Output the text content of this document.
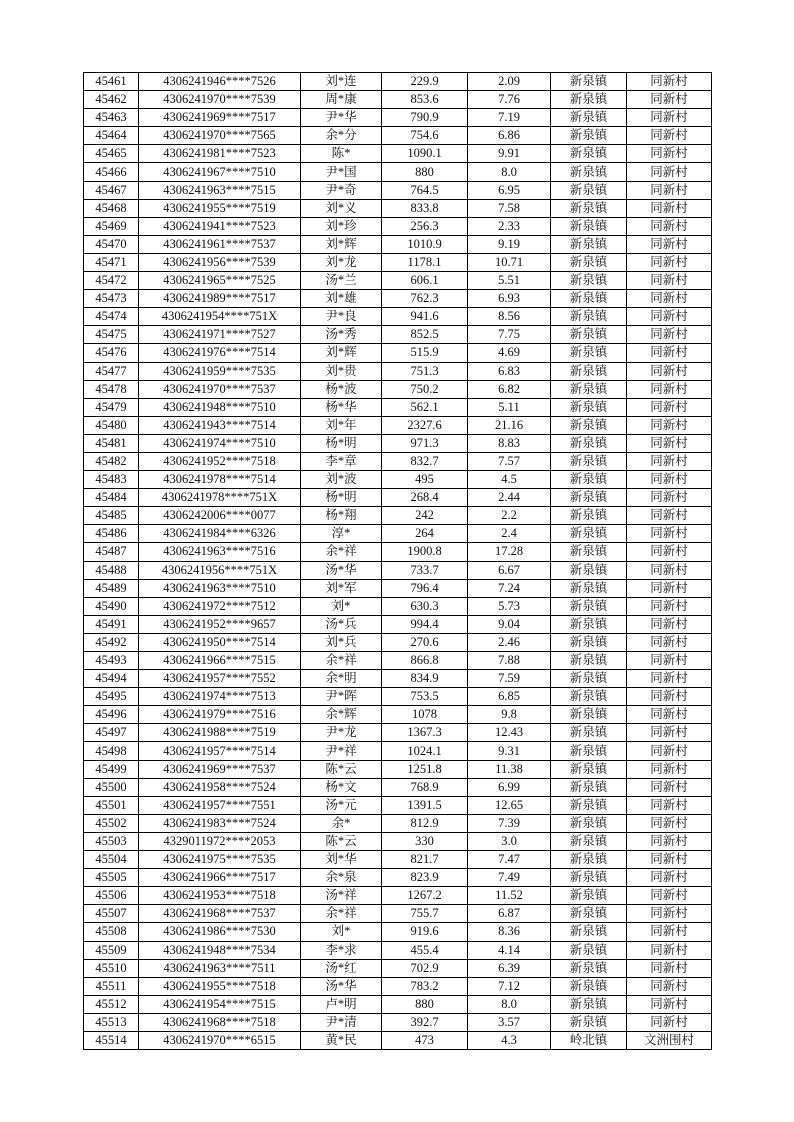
45461	4306241946****7526	刘*连	229.9	2.09	新泉镇	同新村
45462	4306241970****7539	周*康	853.6	7.76	新泉镇	同新村
45463	4306241969****7517	尹*华	790.9	7.19	新泉镇	同新村
45464	4306241970****7565	余*分	754.6	6.86	新泉镇	同新村
45465	4306241981****7523	陈*	1090.1	9.91	新泉镇	同新村
45466	4306241967****7510	尹*国	880	8.0	新泉镇	同新村
45467	4306241963****7515	尹*奇	764.5	6.95	新泉镇	同新村
45468	4306241955****7519	刘*义	833.8	7.58	新泉镇	同新村
45469	4306241941****7523	刘*珍	256.3	2.33	新泉镇	同新村
45470	4306241961****7537	刘*辉	1010.9	9.19	新泉镇	同新村
45471	4306241956****7539	刘*龙	1178.1	10.71	新泉镇	同新村
45472	4306241965****7525	汤*兰	606.1	5.51	新泉镇	同新村
45473	4306241989****7517	刘*雄	762.3	6.93	新泉镇	同新村
45474	4306241954****751X	尹*良	941.6	8.56	新泉镇	同新村
45475	4306241971****7527	汤*秀	852.5	7.75	新泉镇	同新村
45476	4306241976****7514	刘*辉	515.9	4.69	新泉镇	同新村
45477	4306241959****7535	刘*贵	751.3	6.83	新泉镇	同新村
45478	4306241970****7537	杨*波	750.2	6.82	新泉镇	同新村
45479	4306241948****7510	杨*华	562.1	5.11	新泉镇	同新村
45480	4306241943****7514	刘*年	2327.6	21.16	新泉镇	同新村
45481	4306241974****7510	杨*明	971.3	8.83	新泉镇	同新村
45482	4306241952****7518	李*章	832.7	7.57	新泉镇	同新村
45483	4306241978****7514	刘*波	495	4.5	新泉镇	同新村
45484	4306241978****751X	杨*明	268.4	2.44	新泉镇	同新村
45485	4306242006****0077	杨*翔	242	2.2	新泉镇	同新村
45486	4306241984****6326	淳*	264	2.4	新泉镇	同新村
45487	4306241963****7516	余*祥	1900.8	17.28	新泉镇	同新村
45488	4306241956****751X	汤*华	733.7	6.67	新泉镇	同新村
45489	4306241963****7510	刘*军	796.4	7.24	新泉镇	同新村
45490	4306241972****7512	刘*	630.3	5.73	新泉镇	同新村
45491	4306241952****9657	汤*兵	994.4	9.04	新泉镇	同新村
45492	4306241950****7514	刘*兵	270.6	2.46	新泉镇	同新村
45493	4306241966****7515	余*祥	866.8	7.88	新泉镇	同新村
45494	4306241957****7552	余*明	834.9	7.59	新泉镇	同新村
45495	4306241974****7513	尹*晖	753.5	6.85	新泉镇	同新村
45496	4306241979****7516	余*辉	1078	9.8	新泉镇	同新村
45497	4306241988****7519	尹*龙	1367.3	12.43	新泉镇	同新村
45498	4306241957****7514	尹*祥	1024.1	9.31	新泉镇	同新村
45499	4306241969****7537	陈*云	1251.8	11.38	新泉镇	同新村
45500	4306241958****7524	杨*文	768.9	6.99	新泉镇	同新村
45501	4306241957****7551	汤*元	1391.5	12.65	新泉镇	同新村
45502	4306241983****7524	余*	812.9	7.39	新泉镇	同新村
45503	4329011972****2053	陈*云	330	3.0	新泉镇	同新村
45504	4306241975****7535	刘*华	821.7	7.47	新泉镇	同新村
45505	4306241966****7517	余*泉	823.9	7.49	新泉镇	同新村
45506	4306241953****7518	汤*祥	1267.2	11.52	新泉镇	同新村
45507	4306241968****7537	余*祥	755.7	6.87	新泉镇	同新村
45508	4306241986****7530	刘*	919.6	8.36	新泉镇	同新村
45509	4306241948****7534	李*求	455.4	4.14	新泉镇	同新村
45510	4306241963****7511	汤*红	702.9	6.39	新泉镇	同新村
45511	4306241955****7518	汤*华	783.2	7.12	新泉镇	同新村
45512	4306241954****7515	卢*明	880	8.0	新泉镇	同新村
45513	4306241968****7518	尹*清	392.7	3.57	新泉镇	同新村
45514	4306241970****6515	黄*民	473	4.3	岭北镇	文洲围村
